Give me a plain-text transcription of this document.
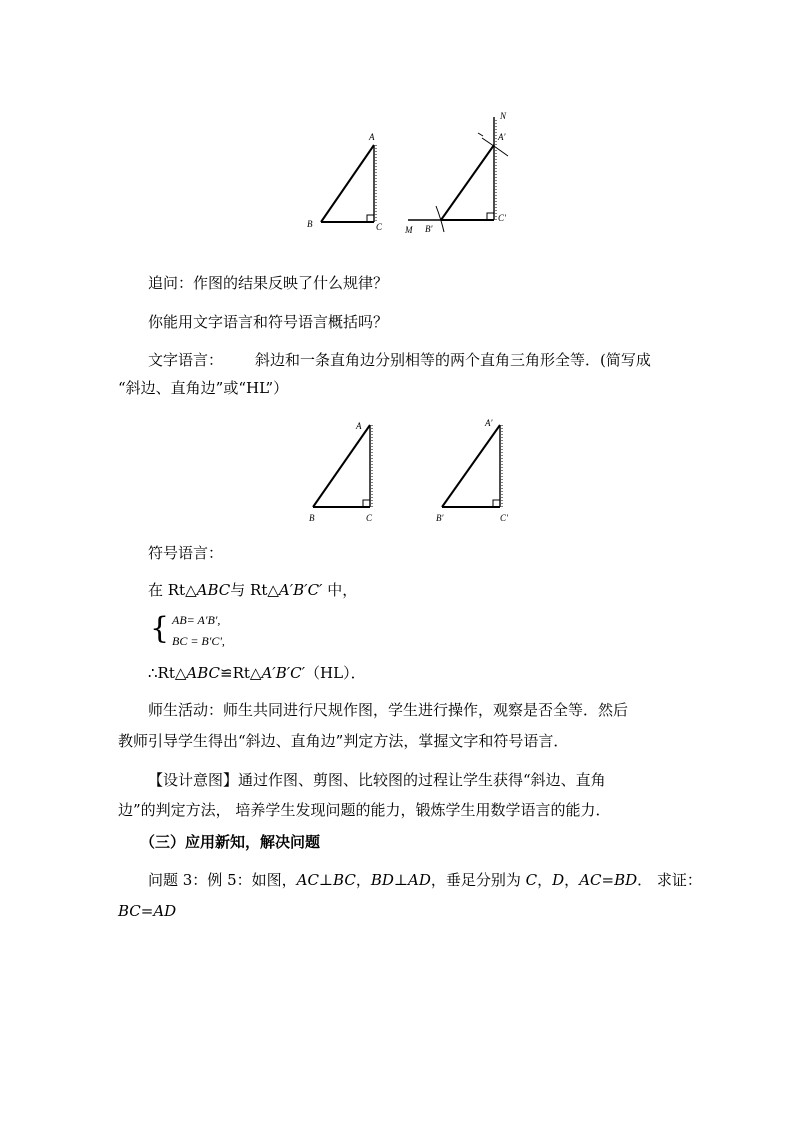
A
B	C
N
A'
C'
M B'
追问：作图的结果反映了什么规律？
你能用文字语言和符号语言概括吗？
文字语言： 斜边和一条直角边分别相等的两个直角三角形全等．(简写成
“斜边、直角边”或“HL”）
A
B	C
A'
B'	C'
符号语言：
在 Rt△ABC与 Rt△A′B′C′ 中，
{ AB= A'B',
BC = B'C',
∴Rt△ABC≌Rt△A′B′C′（HL）．
师生活动：师生共同进行尺规作图，学生进行操作，观察是否全等．然后
教师引导学生得出“斜边、直角边”判定方法，掌握文字和符号语言．
【设计意图】通过作图、剪图、比较图的过程让学生获得“斜边、直角
边”的判定方法， 培养学生发现问题的能力，锻炼学生用数学语言的能力．
（三）应用新知，解决问题
问题 3：例 5：如图，AC⊥BC，BD⊥AD，垂足分别为 C，D，AC=BD． 求证：
BC=AD
